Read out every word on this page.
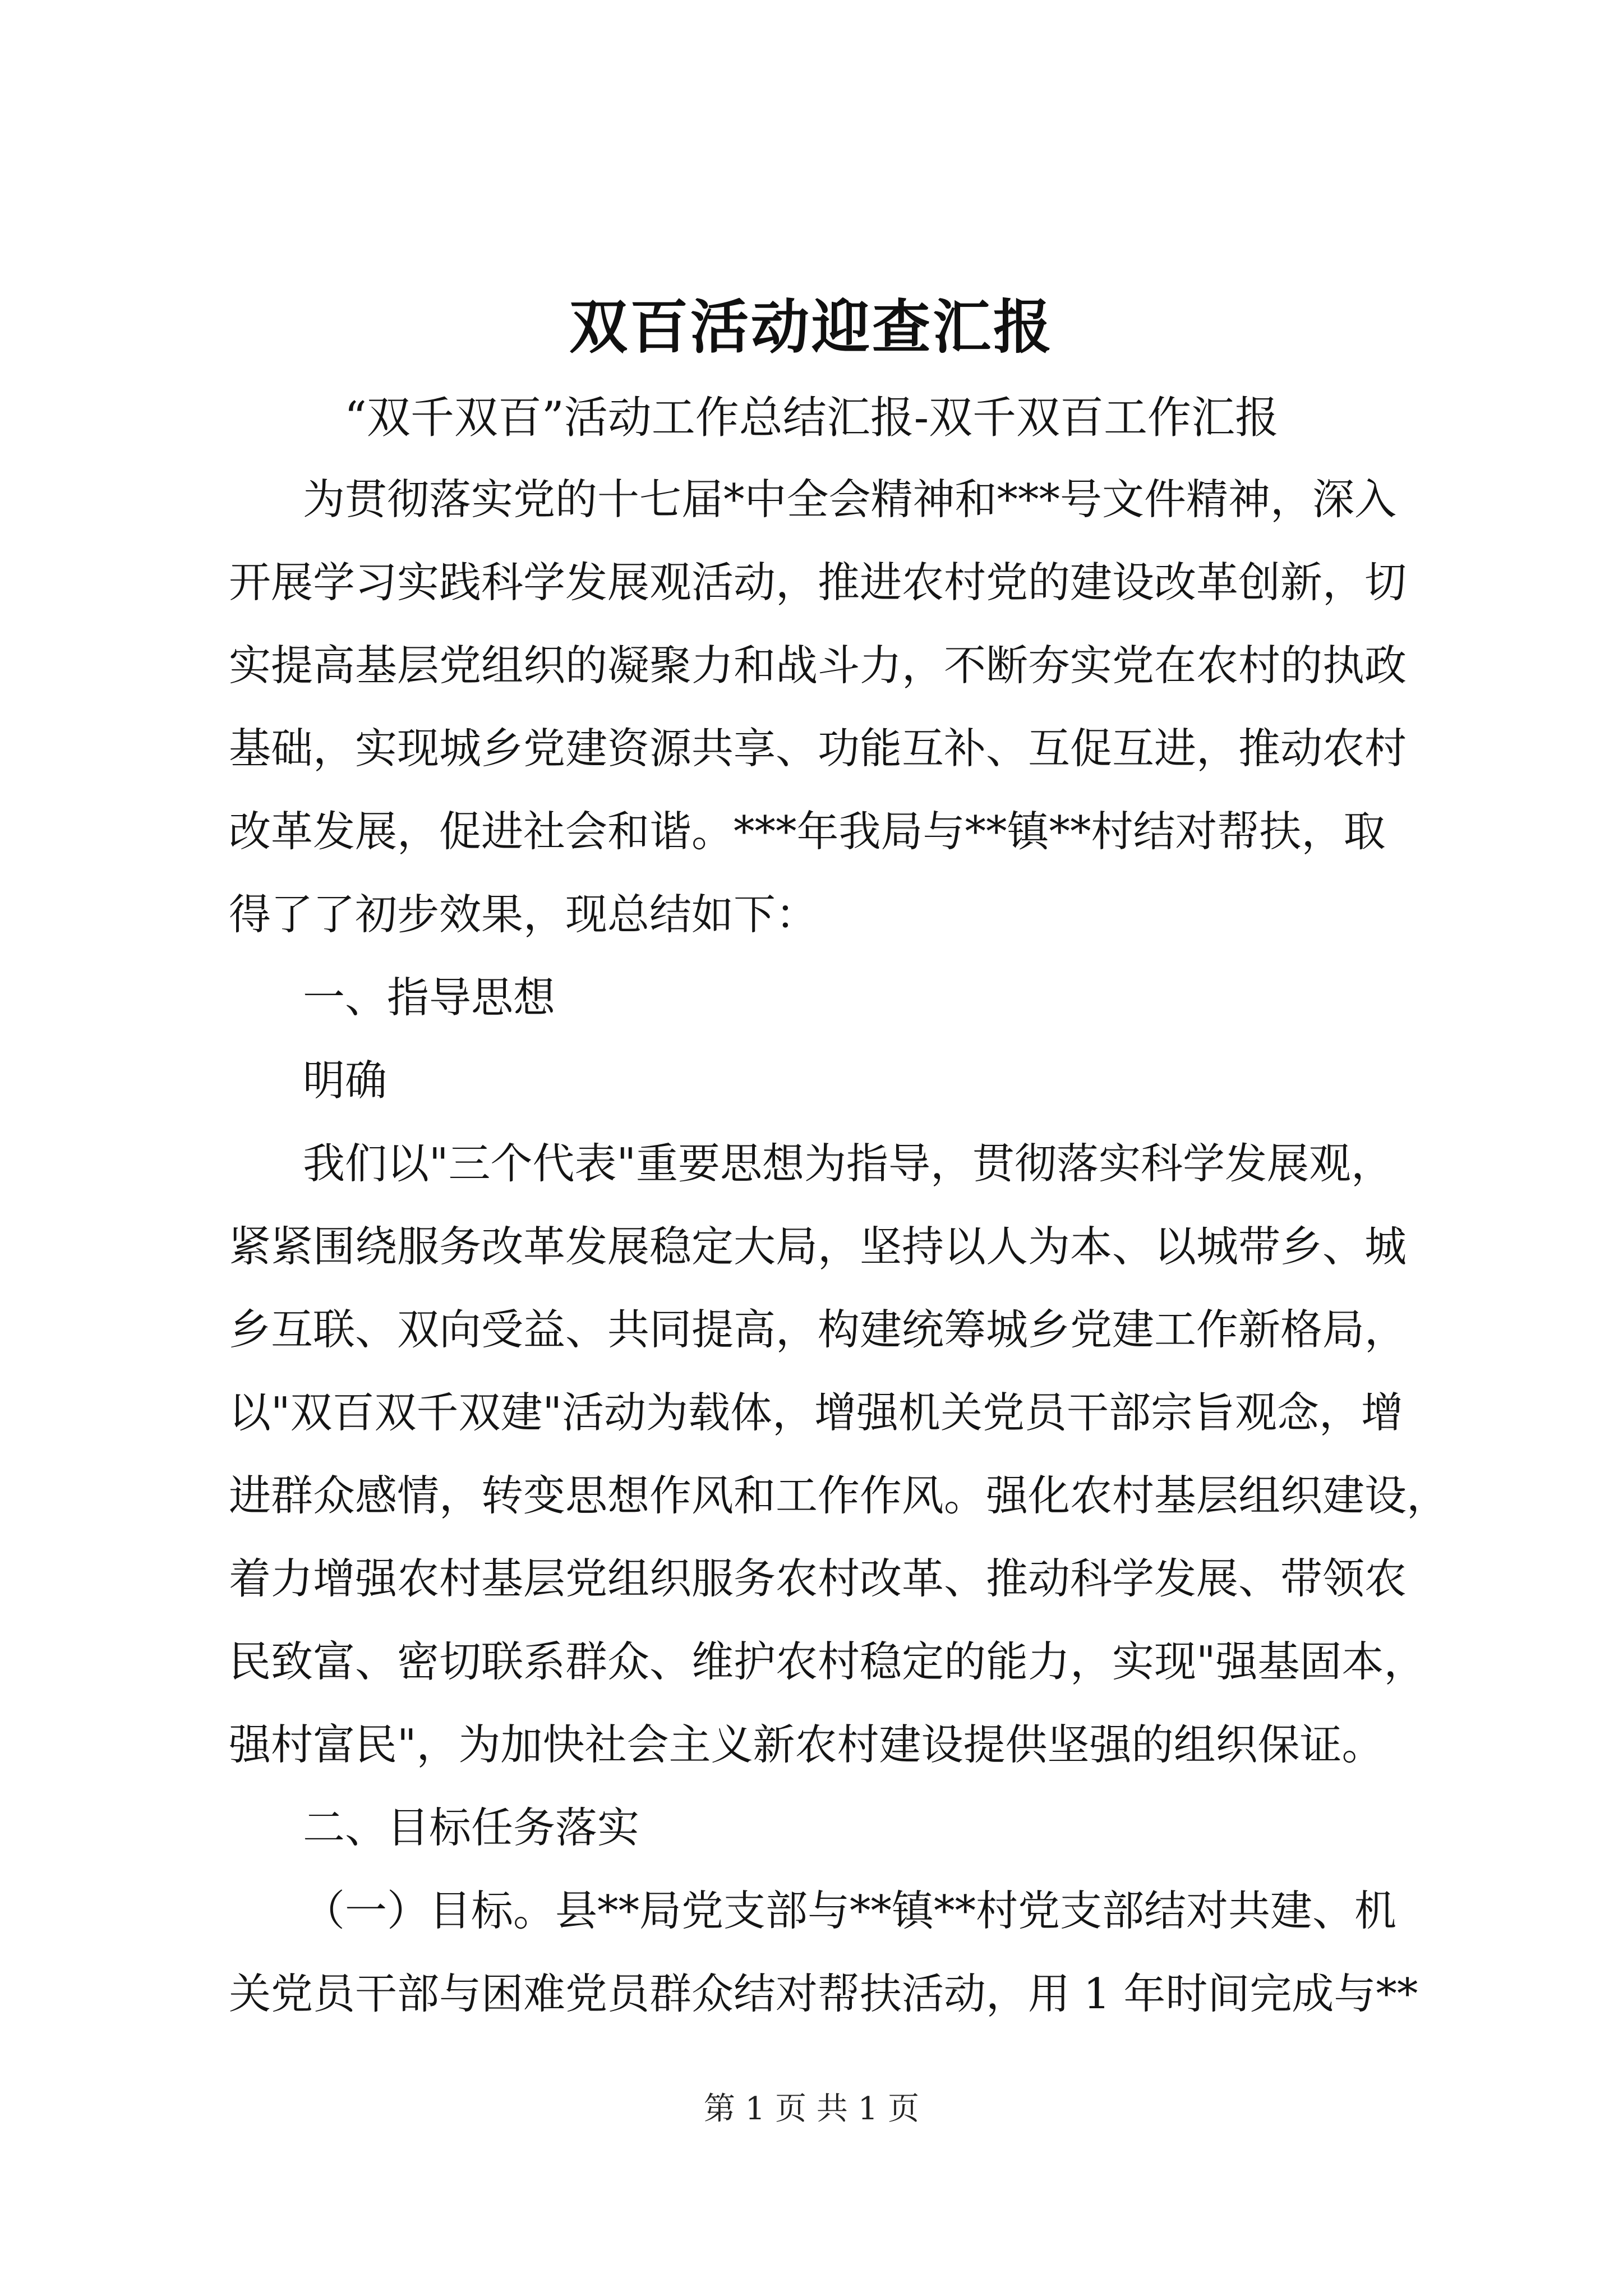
双百活动迎查汇报
“双千双百”活动工作总结汇报-双千双百工作汇报
为贯彻落实党的十七届*中全会精神和***号文件精神，深入
开展学习实践科学发展观活动，推进农村党的建设改革创新，切
实提高基层党组织的凝聚力和战斗力，不断夯实党在农村的执政
基础，实现城乡党建资源共享、功能互补、互促互进，推动农村
改革发展，促进社会和谐。***年我局与**镇**村结对帮扶，取
得了了初步效果，现总结如下：
一、指导思想
明确
我们以"三个代表"重要思想为指导，贯彻落实科学发展观，
紧紧围绕服务改革发展稳定大局，坚持以人为本、以城带乡、城
乡互联、双向受益、共同提高，构建统筹城乡党建工作新格局，
以"双百双千双建"活动为载体，增强机关党员干部宗旨观念，增
进群众感情，转变思想作风和工作作风。强化农村基层组织建设，
着力增强农村基层党组织服务农村改革、推动科学发展、带领农
民致富、密切联系群众、维护农村稳定的能力，实现"强基固本，
强村富民"，为加快社会主义新农村建设提供坚强的组织保证。
二、目标任务落实
（一）目标。县**局党支部与**镇**村党支部结对共建、机
关党员干部与困难党员群众结对帮扶活动，用 1 年时间完成与**
第 1 页 共 1 页
